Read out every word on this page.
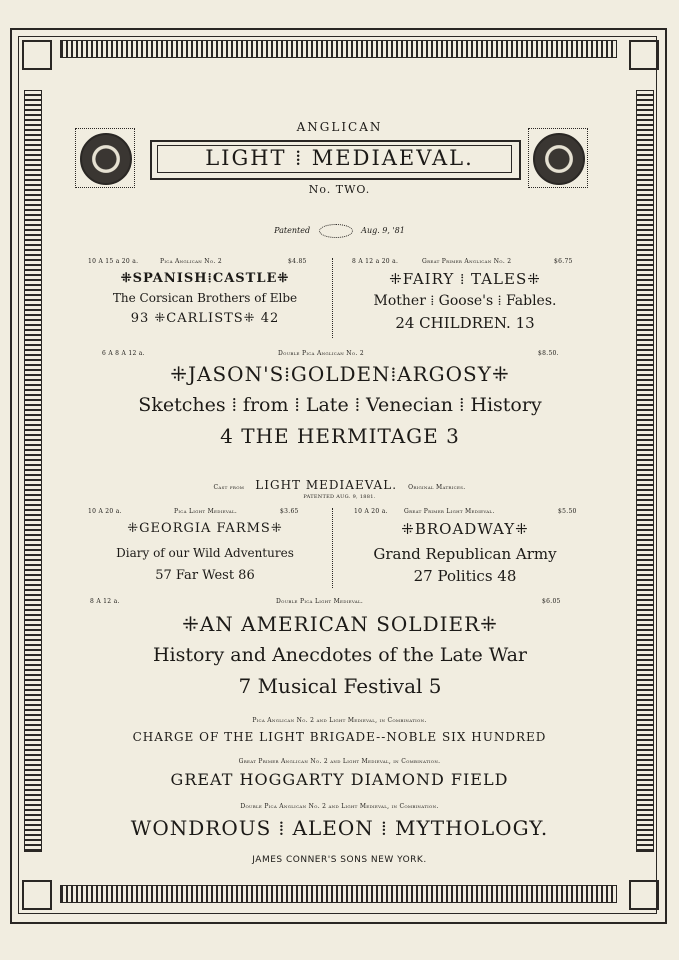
ANGLICAN
LIGHT ⁞ MEDIAEVAL.
No. TWO.
Patented	Aug. 9, '81
10 A 15 a 20 a.	Pica Anglican No. 2	$4.85
⁜SPANISH⁞CASTLE⁜
The Corsican Brothers of Elbe
93 ⁜CARLISTS⁜ 42
8 A 12 a 20 a.	Great Primer Anglican No. 2	$6.75
⁜FAIRY ⁞ TALES⁜
Mother ⁞ Goose's ⁞ Fables.
24 CHILDREN. 13
6 A 8 A 12 a.	Double Pica Anglican No. 2	$8.50.
⁜JASON'S⁞GOLDEN⁞ARGOSY⁜
Sketches ⁞ from ⁞ Late ⁞ Venecian ⁞ History
4 THE HERMITAGE 3
Cast from LIGHT MEDIAEVAL. Original Matrices.
PATENTED AUG. 9, 1881.
10 A 20 a.	Pica Light Medieval.	$3.65
⁜GEORGIA FARMS⁜
Diary of our Wild Adventures
57 Far West 86
10 A 20 a.	Great Primer Light Medieval.	$5.50
⁜BROADWAY⁜
Grand Republican Army
27 Politics 48
8 A 12 a.	Double Pica Light Medieval.	$6.05
⁜AN AMERICAN SOLDIER⁜
History and Anecdotes of the Late War
7 Musical Festival 5
Pica Anglican No. 2 and Light Medieval, in Combination.
CHARGE OF THE LIGHT BRIGADE--NOBLE SIX HUNDRED
Great Primer Anglican No. 2 and Light Medieval, in Combination.
GREAT HOGGARTY DIAMOND FIELD
Double Pica Anglican No. 2 and Light Medieval, in Combination.
WONDROUS ⁞ ALEON ⁞ MYTHOLOGY.
JAMES CONNER'S SONS NEW YORK.
